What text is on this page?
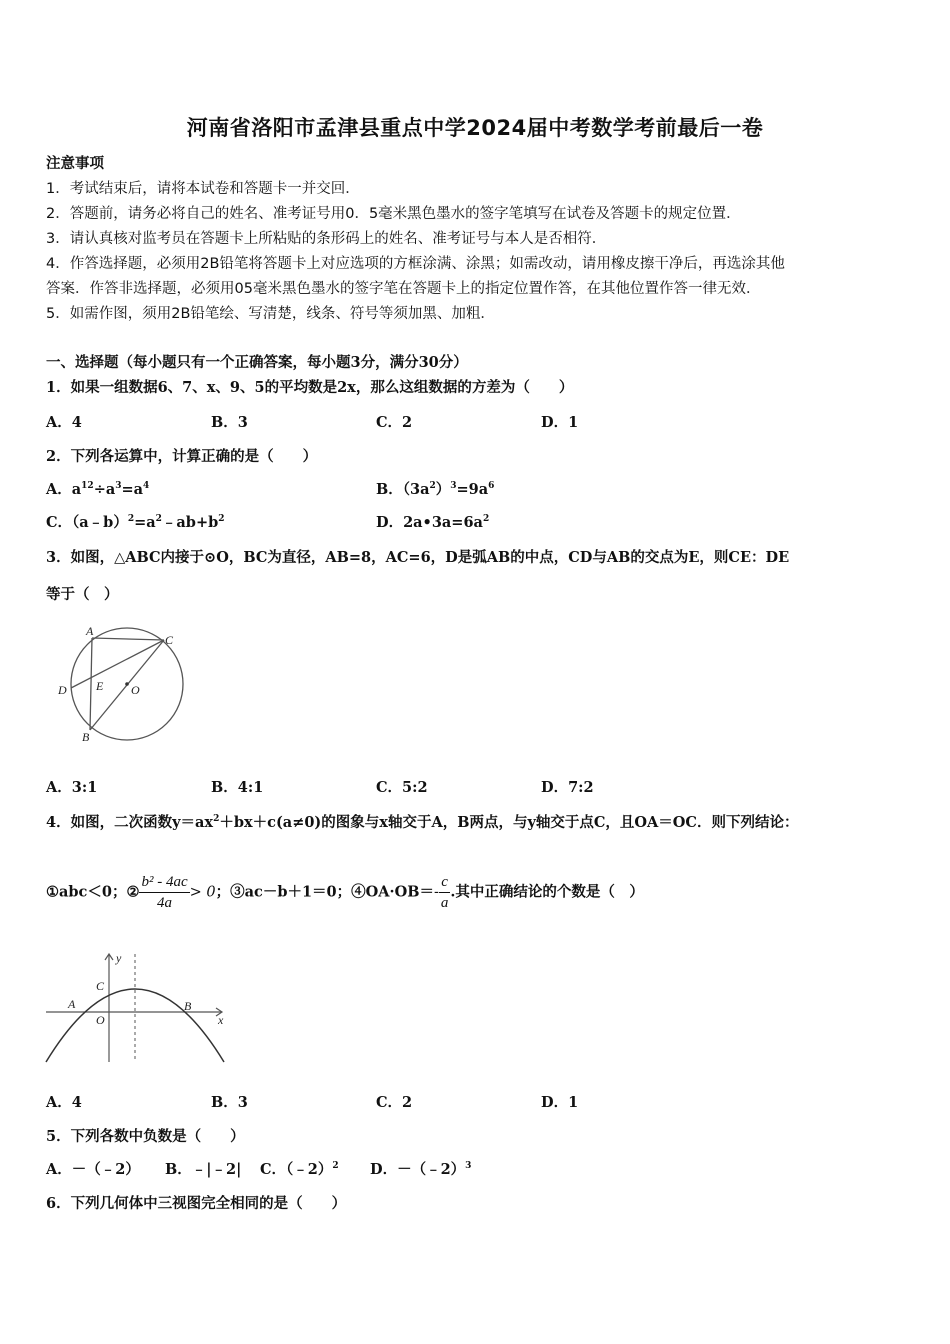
河南省洛阳市孟津县重点中学2024届中考数学考前最后一卷
注意事项
1．考试结束后，请将本试卷和答题卡一并交回．
2．答题前，请务必将自己的姓名、准考证号用0．5毫米黑色墨水的签字笔填写在试卷及答题卡的规定位置．
3．请认真核对监考员在答题卡上所粘贴的条形码上的姓名、准考证号与本人是否相符．
4．作答选择题，必须用2B铅笔将答题卡上对应选项的方框涂满、涂黑；如需改动，请用橡皮擦干净后，再选涂其他
答案．作答非选择题，必须用05毫米黑色墨水的签字笔在答题卡上的指定位置作答，在其他位置作答一律无效．
5．如需作图，须用2B铅笔绘、写清楚，线条、符号等须加黑、加粗．
一、选择题（每小题只有一个正确答案，每小题3分，满分30分）
1．如果一组数据6、7、x、9、5的平均数是2x，那么这组数据的方差为（　　）
A．4	B．3	C．2	D．1
2．下列各运算中，计算正确的是（　　）
A．$a^{12}\div a^3=a^4$	B．$(3a^2)^3=9a^6$
C．$(a﹣b)^2=a^2﹣ab+b^2$	D．$2a•3a=6a^2$
3．如图，△ABC内接于⊙O，BC为直径，AB=8，AC=6，D是弧AB的中点，CD与AB的交点为E，则CE：DE
等于（　）
A
C
D E O
B
A．3:1	B．4:1	C．5:2	D．7:2
4．如图，二次函数$y=ax^2+bx+c(a\ne 0)$的图象与x轴交于A，B两点，与y轴交于点C，且OA＝OC．则下列结论：
①abc＜0；② $\frac{\text{b² - 4ac}}{4a} > 0$；③ac－b＋1＝0；④OA·OB＝- $\frac{c}{a}$ .其中正确结论的个数是（　）
y
C
A
O
B
x
A．4	B．3	C．2	D．1
5．下列各数中负数是（　　）
A．－（﹣2） B．﹣|﹣2| C．（﹣2）$^2$ D．－（﹣2）$^3$
6．下列几何体中三视图完全相同的是（　　）
